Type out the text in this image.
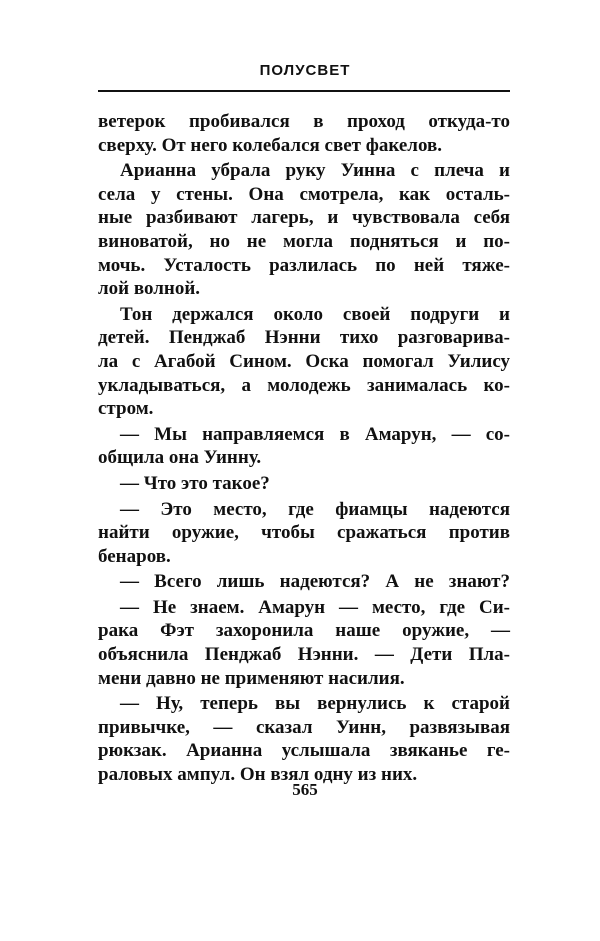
ПОЛУСВЕТ
ветерок пробивался в проход откуда-то
сверху. От него колебался свет факелов.
Арианна убрала руку Уинна с плеча и
села у стены. Она смотрела, как осталь-
ные разбивают лагерь, и чувствовала себя
виноватой, но не могла подняться и по-
мочь. Усталость разлилась по ней тяже-
лой волной.
Тон держался около своей подруги и
детей. Пенджаб Нэнни тихо разговарива-
ла с Агабой Сином. Оска помогал Уилису
укладываться, а молодежь занималась ко-
стром.
— Мы направляемся в Амарун, — со-
общила она Уинну.
— Что это такое?
— Это место, где фиамцы надеются
найти оружие, чтобы сражаться против
бенаров.
— Всего лишь надеются? А не знают?
— Не знаем. Амарун — место, где Си-
рака Фэт захоронила наше оружие, —
объяснила Пенджаб Нэнни. — Дети Пла-
мени давно не применяют насилия.
— Ну, теперь вы вернулись к старой
привычке, — сказал Уинн, развязывая
рюкзак. Арианна услышала звяканье ге-
раловых ампул. Он взял одну из них.
565
